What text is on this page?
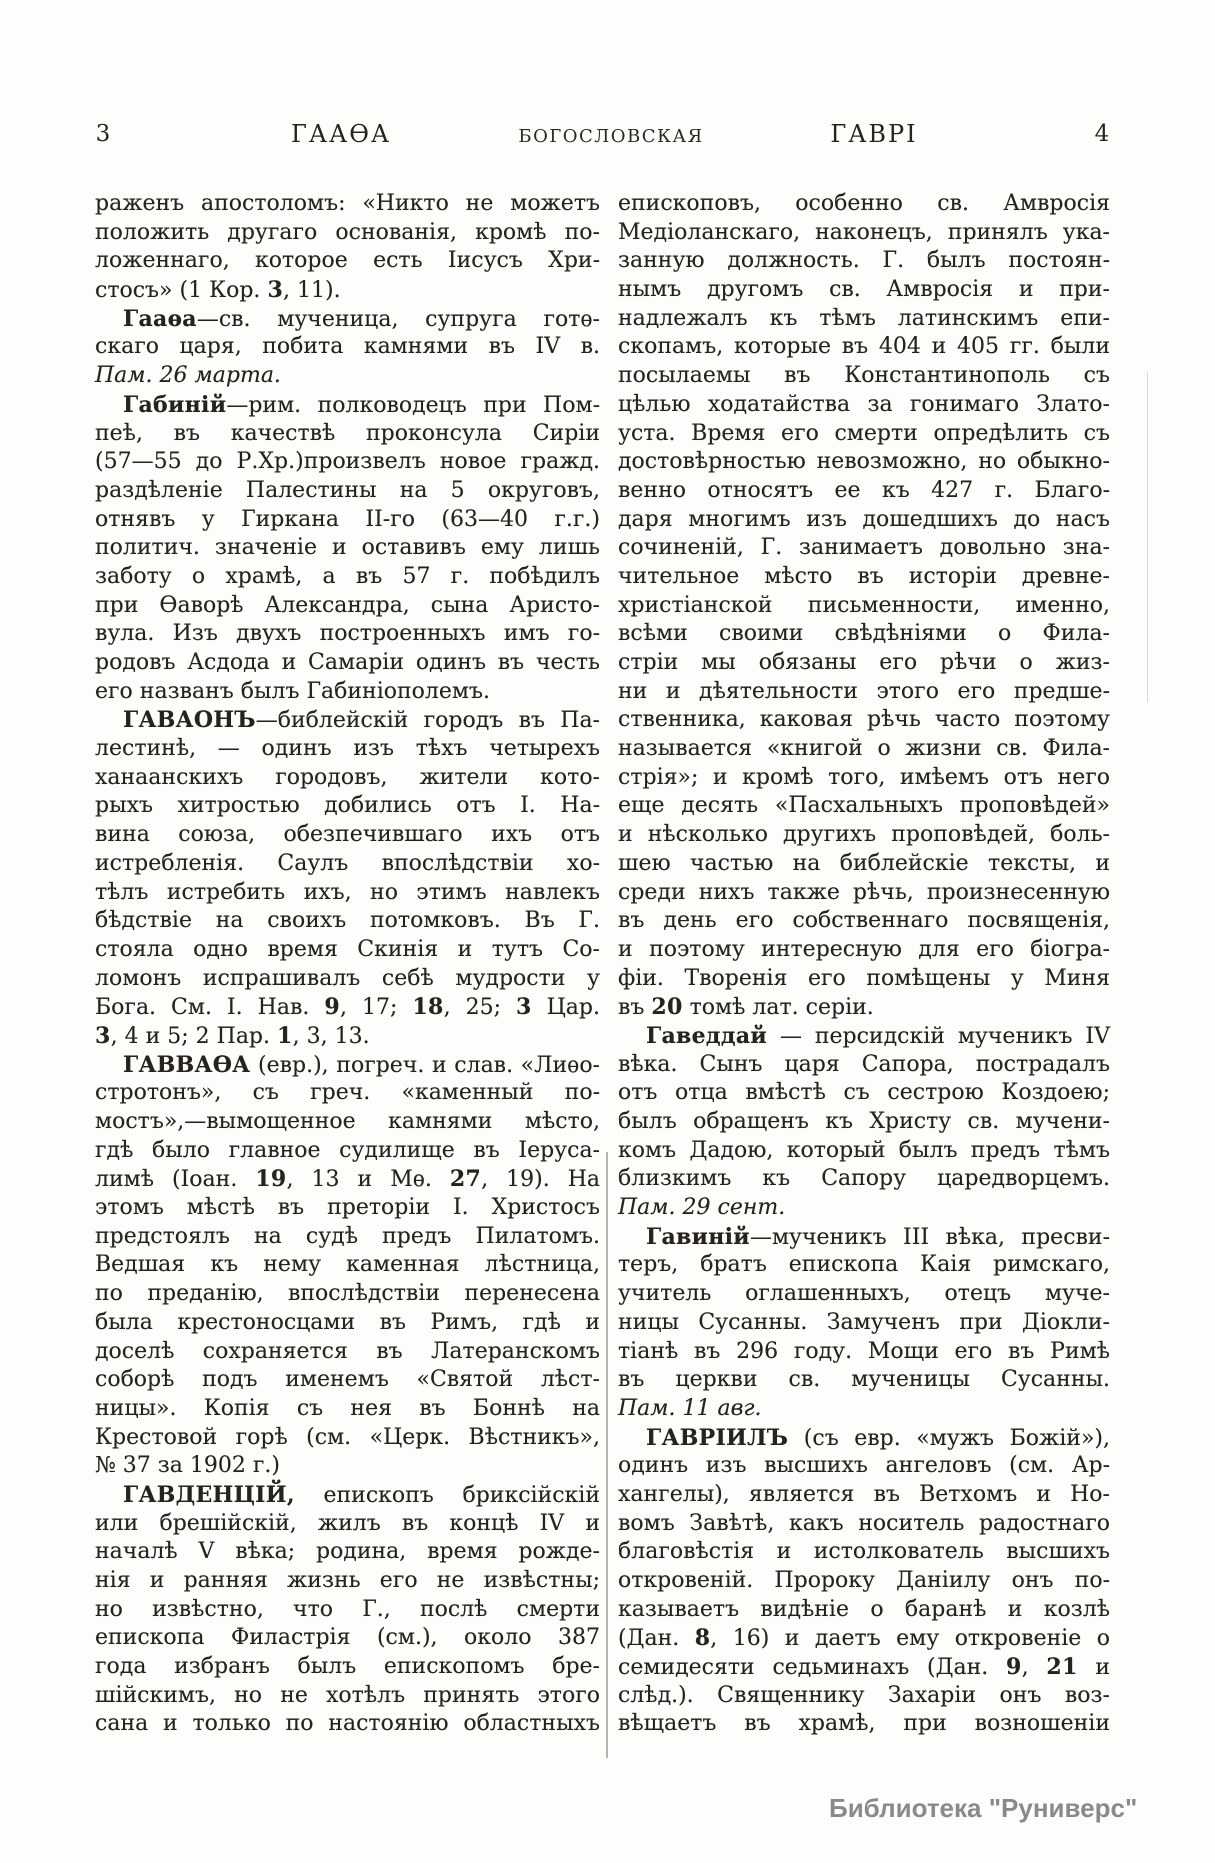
3	ГААѲА	БОГОСЛОВСКАЯ	ГАВРІ	4
раженъ апостоломъ: «Никто не можетъ
положить другаго основанія, кромѣ по-
ложеннаго, которое есть Іисусъ Хри-
стосъ» (1 Кор. 3, 11).
Гааѳа—св. мученица, супруга готѳ-
скаго царя, побита камнями въ IV в.
Пам. 26 марта.
Габиній—рим. полководецъ при Пом-
пеѣ, въ качествѣ проконсула Сиріи
(57—55 до Р.Хр.)произвелъ новое гражд.
раздѣленіе Палестины на 5 округовъ,
отнявъ у Гиркана II-го (63—40 г.г.)
политич. значеніе и оставивъ ему лишь
заботу о храмѣ, а въ 57 г. побѣдилъ
при Ѳаворѣ Александра, сына Аристо-
вула. Изъ двухъ построенныхъ имъ го-
родовъ Асдода и Самаріи одинъ въ честь
его названъ былъ Габиніополемъ.
ГАВАОНЪ—библейскій городъ въ Па-
лестинѣ, — одинъ изъ тѣхъ четырехъ
ханаанскихъ городовъ, жители кото-
рыхъ хитростью добились отъ І. На-
вина союза, обезпечившаго ихъ отъ
истребленія. Саулъ впослѣдствіи хо-
тѣлъ истребить ихъ, но этимъ навлекъ
бѣдствіе на своихъ потомковъ. Въ Г.
стояла одно время Скинія и тутъ Со-
ломонъ испрашивалъ себѣ мудрости у
Бога. См. І. Нав. 9, 17; 18, 25; 3 Цар.
3, 4 и 5; 2 Пар. 1, 3, 13.
ГАВВАѲА (евр.), погреч. и слав. «Лиѳо-
стротонъ», съ греч. «каменный по-
мостъ»,—вымощенное камнями мѣсто,
гдѣ было главное судилище въ Іеруса-
лимѣ (Іоан. 19, 13 и Мѳ. 27, 19). На
этомъ мѣстѣ въ преторіи І. Христосъ
предстоялъ на судѣ предъ Пилатомъ.
Ведшая къ нему каменная лѣстница,
по преданію, впослѣдствіи перенесена
была крестоносцами въ Римъ, гдѣ и
доселѣ сохраняется въ Латеранскомъ
соборѣ подъ именемъ «Святой лѣст-
ницы». Копія съ нея въ Боннѣ на
Крестовой горѣ (см. «Церк. Вѣстникъ»,
№ 37 за 1902 г.)
ГАВДЕНЦІЙ, епископъ бриксійскій
или брешійскій, жилъ въ концѣ IV и
началѣ V вѣка; родина, время рожде-
нія и ранняя жизнь его не извѣстны;
но извѣстно, что Г., послѣ смерти
епископа Филастрія (см.), около 387
года избранъ былъ епископомъ бре-
шійскимъ, но не хотѣлъ принять этого
сана и только по настоянію областныхъ
епископовъ, особенно св. Амвросія
Медіоланскаго, наконецъ, принялъ ука-
занную должность. Г. былъ постоян-
нымъ другомъ св. Амвросія и при-
надлежалъ къ тѣмъ латинскимъ епи-
скопамъ, которые въ 404 и 405 гг. были
посылаемы въ Константинополь съ
цѣлью ходатайства за гонимаго Злато-
уста. Время его смерти опредѣлить съ
достовѣрностью невозможно, но обыкно-
венно относятъ ее къ 427 г. Благо-
даря многимъ изъ дошедшихъ до насъ
сочиненій, Г. занимаетъ довольно зна-
чительное мѣсто въ исторіи древне-
христіанской письменности, именно,
всѣми своими свѣдѣніями о Фила-
стріи мы обязаны его рѣчи о жиз-
ни и дѣятельности этого его предше-
ственника, каковая рѣчь часто поэтому
называется «книгой о жизни св. Фила-
стрія»; и кромѣ того, имѣемъ отъ него
еще десять «Пасхальныхъ проповѣдей»
и нѣсколько другихъ проповѣдей, боль-
шею частью на библейскіе тексты, и
среди нихъ также рѣчь, произнесенную
въ день его собственнаго посвященія,
и поэтому интересную для его біогра-
фіи. Творенія его помѣщены у Миня
въ 20 томѣ лат. серіи.
Гаведдай — персидскій мученикъ IV
вѣка. Сынъ царя Сапора, пострадалъ
отъ отца вмѣстѣ съ сестрою Коздоею;
былъ обращенъ къ Христу св. мучени-
комъ Дадою, который былъ предъ тѣмъ
близкимъ къ Сапору царедворцемъ.
Пам. 29 сент.
Гавиній—мученикъ III вѣка, пресви-
теръ, братъ епископа Каія римскаго,
учитель оглашенныхъ, отецъ муче-
ницы Сусанны. Замученъ при Діокли-
тіанѣ въ 296 году. Мощи его въ Римѣ
въ церкви св. мученицы Сусанны.
Пам. 11 авг.
ГАВРІИЛЪ (съ евр. «мужъ Божій»),
одинъ изъ высшихъ ангеловъ (см. Ар-
хангелы), является въ Ветхомъ и Но-
вомъ Завѣтѣ, какъ носитель радостнаго
благовѣстія и истолкователь высшихъ
откровеній. Пророку Даніилу онъ по-
казываетъ видѣніе о баранѣ и козлѣ
(Дан. 8, 16) и даетъ ему откровеніе о
семидесяти седьминахъ (Дан. 9, 21 и
слѣд.). Священнику Захаріи онъ воз-
вѣщаетъ въ храмѣ, при возношеніи
Библиотека "Руниверс"
